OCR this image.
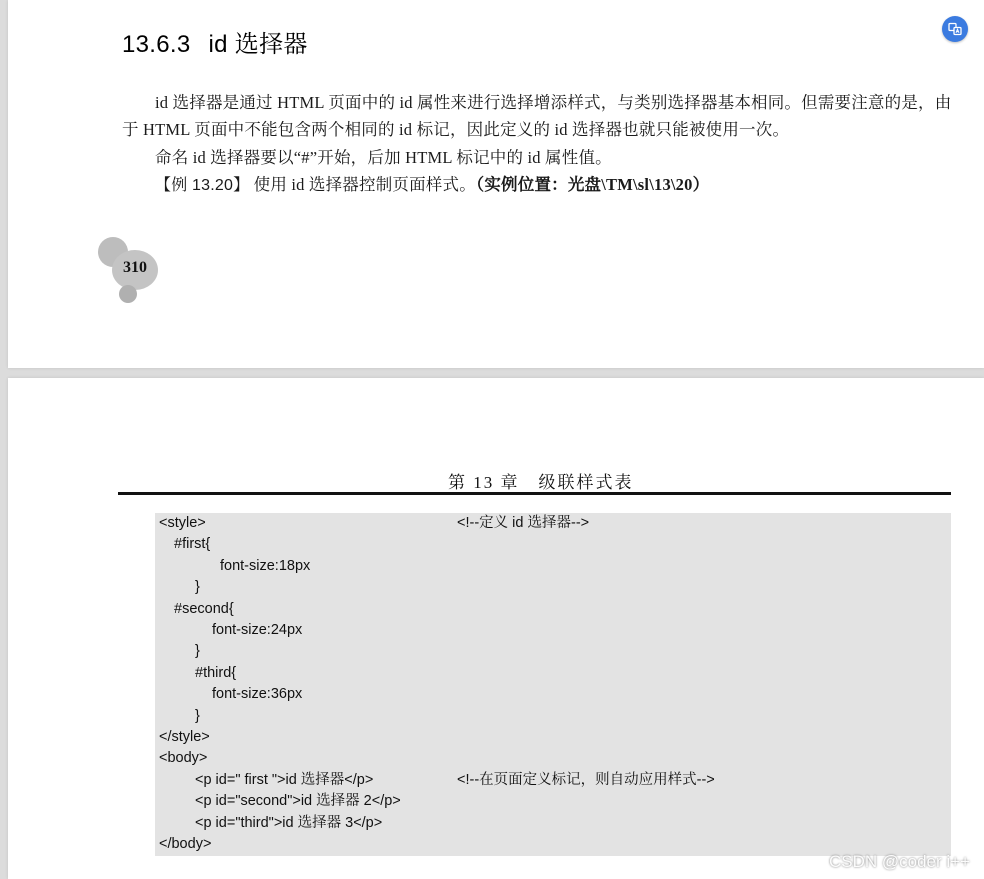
13.6.3 id 选择器

id 选择器是通过 HTML 页面中的 id 属性来进行选择增添样式，与类别选择器基本相同。但需要注意的是，由于 HTML 页面中不能包含两个相同的 id 标记，因此定义的 id 选择器也就只能被使用一次。

命名 id 选择器要以“#”开始，后加 HTML 标记中的 id 属性值。

【例 13.20】 使用 id 选择器控制页面样式。（实例位置：光盘\TM\sl\13\20）

310
第 13 章　级联样式表
<style>	<!--定义 id 选择器-->
#first{
font-size:18px
}
#second{
font-size:24px
}
#third{
font-size:36px
}
</style>
<body>
<p id=" first ">id 选择器</p>	<!--在页面定义标记，则自动应用样式-->
<p id="second">id 选择器 2</p>
<p id="third">id 选择器 3</p>
</body>
CSDN @coder i++
